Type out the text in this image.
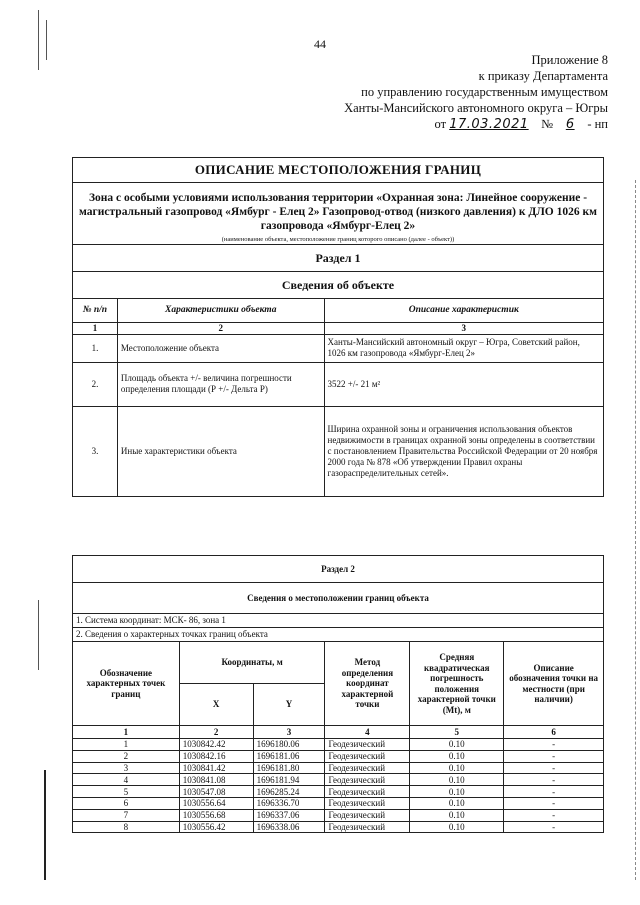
44
Приложение 8
к приказу Департамента
по управлению государственным имуществом
Ханты-Мансийского автономного округа – Югры
от 17.03.2021 № 6 - нп
ОПИСАНИЕ МЕСТОПОЛОЖЕНИЯ ГРАНИЦ		
Зона с особыми условиями использования территории «Охранная зона: Линейное сооружение - магистральный газопровод «Ямбург - Елец 2» Газопровод-отвод (низкого давления) к ДЛО 1026 км газопровода «Ямбург-Елец 2»		
(наименование объекта, местоположение границ которого описано (далее - объект))		
Раздел 1		
Сведения об объекте		
№ п/п	Характеристики объекта	Описание характеристик
1	2	3
1.	Местоположение объекта	Ханты-Мансийский автономный округ – Югра, Советский район, 1026 км газопровода «Ямбург-Елец 2»
2.	Площадь объекта +/- величина погрешности определения площади (Р +/- Дельта Р)	3522 +/- 21 м²
3.	Иные характеристики объекта	Ширина охранной зоны и ограничения использования объектов недвижимости в границах охранной зоны определены в соответствии с постановлением Правительства Российской Федерации от 20 ноября 2000 года № 878 «Об утверждении Правил охраны газораспределительных сетей».
Раздел 2					
Сведения о местоположении границ объекта					
1. Система координат: МСК- 86, зона 1					
2. Сведения о характерных точках границ объекта					
Обозначение характерных точек границ	Координаты, м		Метод определения координат характерной точки	Средняя квадратическая погрешность положения характерной точки (Mt), м	Описание обозначения точки на местности (при наличии)
	X	Y			
1	2	3	4	5	6
1	1030842.42	1696180.06	Геодезический	0.10	-
2	1030842.16	1696181.06	Геодезический	0.10	-
3	1030841.42	1696181.80	Геодезический	0.10	-
4	1030841.08	1696181.94	Геодезический	0.10	-
5	1030547.08	1696285.24	Геодезический	0.10	-
6	1030556.64	1696336.70	Геодезический	0.10	-
7	1030556.68	1696337.06	Геодезический	0.10	-
8	1030556.42	1696338.06	Геодезический	0.10	-
